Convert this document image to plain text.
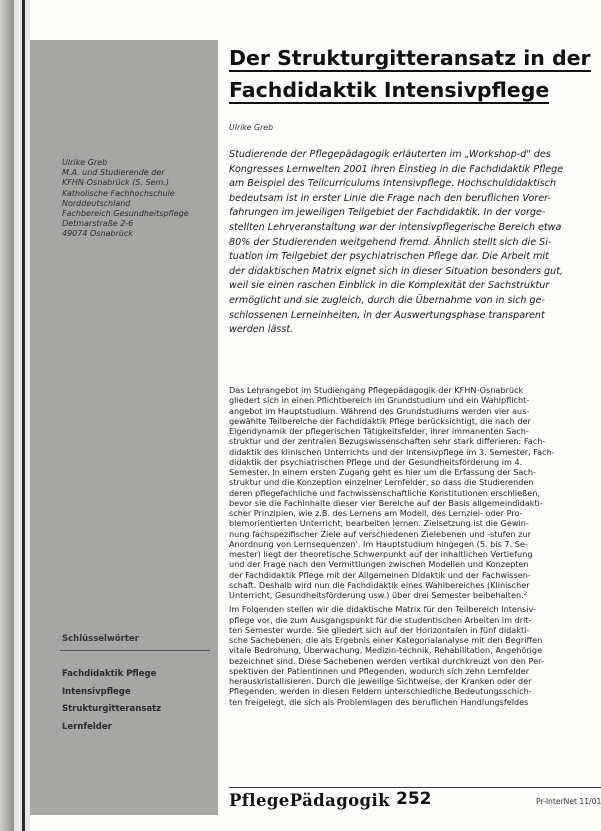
Ulrike Greb
M.A. und Studierende der
KFHN-Osnabrück (5. Sem.)
Katholische Fachhochschule
Norddeutschland
Fachbereich Gesundheitspflege
Detmarstraße 2-6
49074 Osnabrück
Schlüsselwörter
Fachdidaktik Pflege
Intensivpflege
Strukturgitteransatz
Lernfelder
Der Strukturgitteransatz in der
Fachdidaktik Intensivpflege
Ulrike Greb
Studierende der Pflegepädagogik erläuterten im „Workshop-d" des
Kongresses Lernwelten 2001 ihren Einstieg in die Fachdidaktik Pflege
am Beispiel des Teilcurriculums Intensivpflege. Hochschuldidaktisch
bedeutsam ist in erster Linie die Frage nach den beruflichen Vorer-
fahrungen im jeweiligen Teilgebiet der Fachdidaktik. In der vorge-
stellten Lehrveranstaltung war der intensivpflegerische Bereich etwa
80% der Studierenden weitgehend fremd. Ähnlich stellt sich die Si-
tuation im Teilgebiet der psychiatrischen Pflege dar. Die Arbeit mit
der didaktischen Matrix eignet sich in dieser Situation besonders gut,
weil sie einen raschen Einblick in die Komplexität der Sachstruktur
ermöglicht und sie zugleich, durch die Übernahme von in sich ge-
schlossenen Lerneinheiten, in der Auswertungsphase transparent
werden lässt.
Das Lehrangebot im Studiengang Pflegepädagogik der KFHN-Osnabrück
gliedert sich in einen Pflichtbereich im Grundstudium und ein Wahlpflicht-
angebot im Hauptstudium. Während des Grundstudiums werden vier aus-
gewählte Teilbereiche der Fachdidaktik Pflege berücksichtigt, die nach der
Eigendynamik der pflegerischen Tätigkeitsfelder, ihrer immanenten Sach-
struktur und der zentralen Bezugswissenschaften sehr stark differieren: Fach-
didaktik des klinischen Unterrichts und der Intensivpflege im 3. Semester, Fach-
didaktik der psychiatrischen Pflege und der Gesundheitsförderung im 4.
Semester. In einem ersten Zugang geht es hier um die Erfassung der Sach-
struktur und die Konzeption einzelner Lernfelder, so dass die Studierenden
deren pflegefachliche und fachwissenschaftliche Konstitutionen erschließen,
bevor sie die Fachinhalte dieser vier Bereiche auf der Basis allgemeindidakti-
scher Prinzipien, wie z.B. des Lernens am Modell, des Lernziel- oder Pro-
blemorientierten Unterricht, bearbeiten lernen. Zielsetzung ist die Gewin-
nung fachspezifischer Ziele auf verschiedenen Zielebenen und -stufen zur
Anordnung von Lernsequenzen'. Im Hauptstudium hingegen (5. bis 7. Se-
mester) liegt der theoretische Schwerpunkt auf der inhaltlichen Vertiefung
und der Frage nach den Vermittlungen zwischen Modellen und Konzepten
der Fachdidaktik Pflege mit der Allgemeinen Didaktik und der Fachwissen-
schaft. Deshalb wird nun die Fachdidaktik eines Wahlbereiches (Klinischer
Unterricht, Gesundheitsförderung usw.) über drei Semester beibehalten.²
Im Folgenden stellen wir die didaktische Matrix für den Teilbereich Intensiv-
pflege vor, die zum Ausgangspunkt für die studentischen Arbeiten im drit-
ten Semester wurde. Sie gliedert sich auf der Horizontalen in fünf didakti-
sche Sachebenen, die als Ergebnis einer Kategorialanalyse mit den Begriffen
vitale Bedrohung, Überwachung, Medizin-technik, Rehabilitation, Angehörige
bezeichnet sind. Diese Sachebenen werden vertikal durchkreuzt von den Per-
spektiven der Patientinnen und Pflegenden, wodurch sich zehn Lernfelder
herauskristallisieren. Durch die jeweilige Sichtweise, der Kranken oder der
Pflegenden, werden in diesen Feldern unterschiedliche Bedeutungsschich-
ten freigelegt, die sich als Problemlagen des beruflichen Handlungsfeldes
PflegePädagogik 252	Pr-InterNet 11/01
